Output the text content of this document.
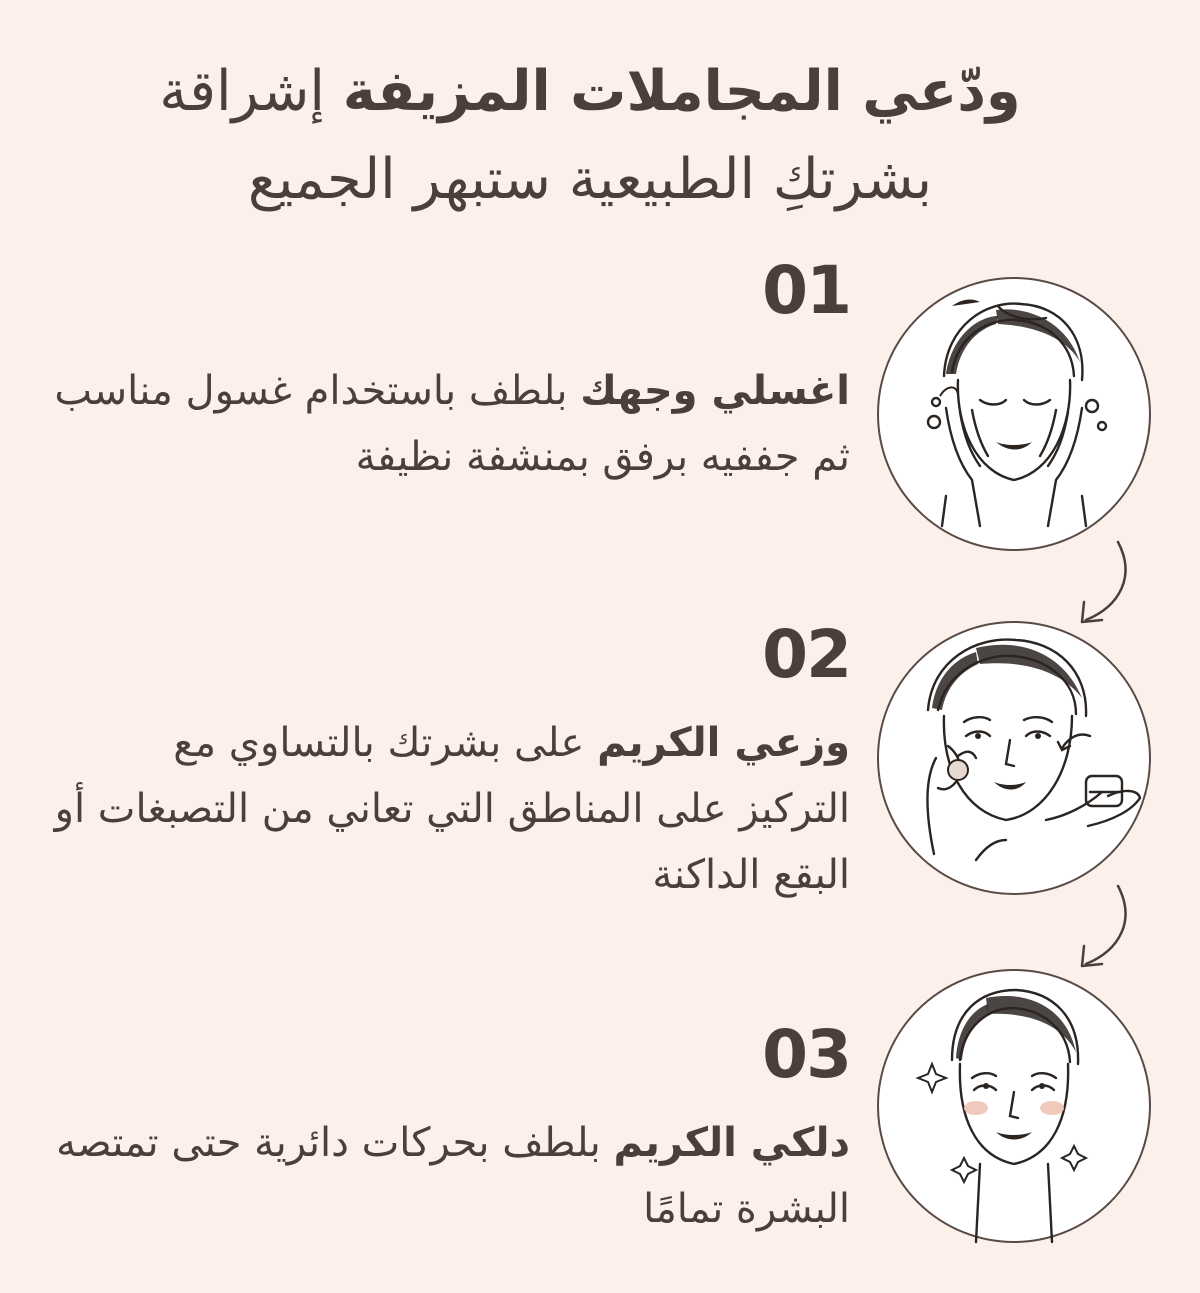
ودّعي المجاملات المزيفة إشراقة
بشرتكِ الطبيعية ستبهر الجميع
01
اغسلي وجهك بلطف باستخدام غسول مناسب ثم جففيه برفق بمنشفة نظيفة
02
وزعي الكريم على بشرتك بالتساوي مع التركيز على المناطق التي تعاني من التصبغات أو البقع الداكنة
03
دلكي الكريم بلطف بحركات دائرية حتى تمتصه البشرة تمامًا
